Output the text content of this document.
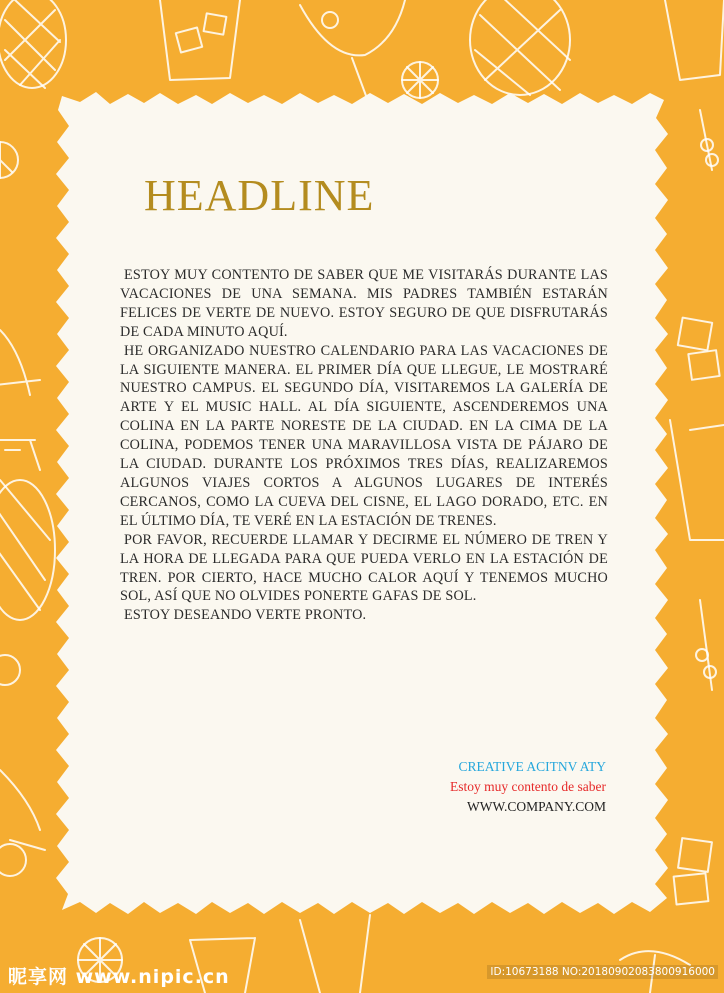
HEADLINE

ESTOY MUY CONTENTO DE SABER QUE ME VISITARÁS DURANTE LAS VACACIONES DE UNA SEMANA. MIS PADRES TAMBIÉN ESTARÁN FELICES DE VERTE DE NUEVO. ESTOY SEGURO DE QUE DISFRUTARÁS DE CADA MINUTO AQUÍ.

HE ORGANIZADO NUESTRO CALENDARIO PARA LAS VACACIONES DE LA SIGUIENTE MANERA. EL PRIMER DÍA QUE LLEGUE, LE MOSTRARÉ NUESTRO CAMPUS. EL SEGUNDO DÍA, VISITAREMOS LA GALERÍA DE ARTE Y EL MUSIC HALL. AL DÍA SIGUIENTE, ASCENDEREMOS UNA COLINA EN LA PARTE NORESTE DE LA CIUDAD. EN LA CIMA DE LA COLINA, PODEMOS TENER UNA MARAVILLOSA VISTA DE PÁJARO DE LA CIUDAD. DURANTE LOS PRÓXIMOS TRES DÍAS, REALIZAREMOS ALGUNOS VIAJES CORTOS A ALGUNOS LUGARES DE INTERÉS CERCANOS, COMO LA CUEVA DEL CISNE, EL LAGO DORADO, ETC. EN EL ÚLTIMO DÍA, TE VERÉ EN LA ESTACIÓN DE TRENES.

POR FAVOR, RECUERDE LLAMAR Y DECIRME EL NÚMERO DE TREN Y LA HORA DE LLEGADA PARA QUE PUEDA VERLO EN LA ESTACIÓN DE TREN. POR CIERTO, HACE MUCHO CALOR AQUÍ Y TENEMOS MUCHO SOL, ASÍ QUE NO OLVIDES PONERTE GAFAS DE SOL.

ESTOY DESEANDO VERTE PRONTO.

CREATIVE ACITNV ATY
Estoy muy contento de saber
WWW.COMPANY.COM
昵享网 www.nipic.cn	ID:10673188 NO:20180902083800916000
